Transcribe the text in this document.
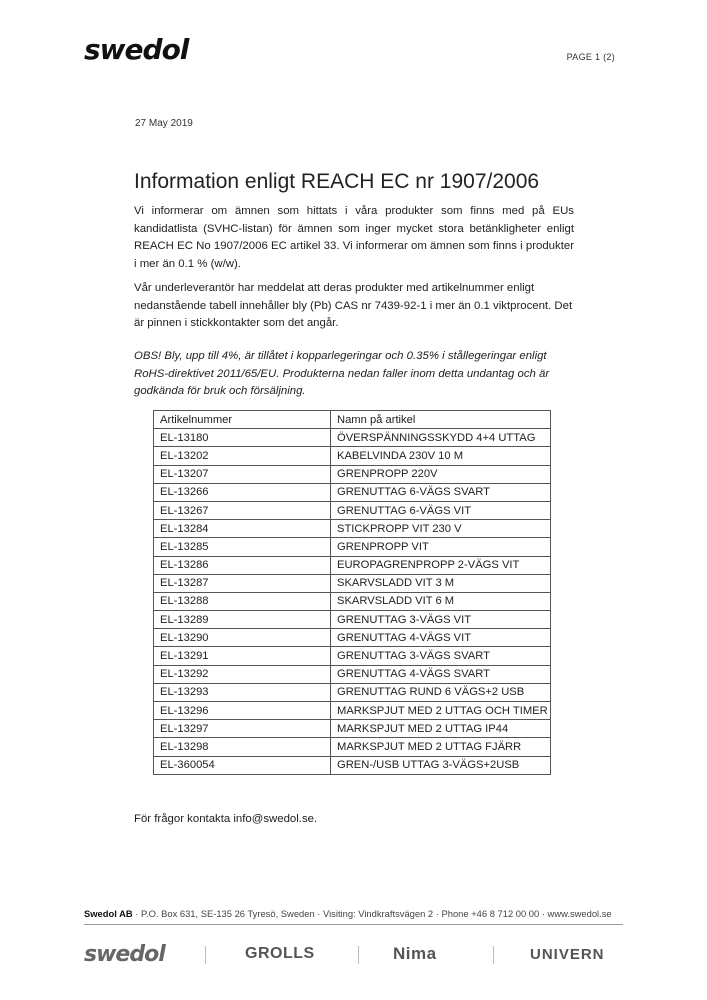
swedol	PAGE 1 (2)
27 May 2019
Information enligt REACH EC nr 1907/2006

Vi informerar om ämnen som hittats i våra produkter som finns med på EUs kandidatlista (SVHC-listan) för ämnen som inger mycket stora betänkligheter enligt REACH EC No 1907/2006 EC artikel 33. Vi informerar om ämnen som finns i produkter i mer än 0.1 % (w/w).

Vår underleverantör har meddelat att deras produkter med artikelnummer enligt nedanstående tabell innehåller bly (Pb) CAS nr 7439-92-1 i mer än 0.1 viktprocent. Det är pinnen i stickkontakter som det angår.

OBS! Bly, upp till 4%, är tillåtet i kopparlegeringar och 0.35% i stållegeringar enligt RoHS-direktivet 2011/65/EU. Produkterna nedan faller inom detta undantag och är godkända för bruk och försäljning.

Artikelnummer	Namn på artikel
EL-13180	ÖVERSPÄNNINGSSKYDD 4+4 UTTAG
EL-13202	KABELVINDA 230V 10 M
EL-13207	GRENPROPP 220V
EL-13266	GRENUTTAG 6-VÄGS SVART
EL-13267	GRENUTTAG 6-VÄGS VIT
EL-13284	STICKPROPP VIT 230 V
EL-13285	GRENPROPP VIT
EL-13286	EUROPAGRENPROPP 2-VÄGS VIT
EL-13287	SKARVSLADD VIT 3 M
EL-13288	SKARVSLADD VIT 6 M
EL-13289	GRENUTTAG 3-VÄGS VIT
EL-13290	GRENUTTAG 4-VÄGS VIT
EL-13291	GRENUTTAG 3-VÄGS SVART
EL-13292	GRENUTTAG 4-VÄGS SVART
EL-13293	GRENUTTAG RUND 6 VÄGS+2 USB
EL-13296	MARKSPJUT MED 2 UTTAG OCH TIMER
EL-13297	MARKSPJUT MED 2 UTTAG IP44
EL-13298	MARKSPJUT MED 2 UTTAG FJÄRR
EL-360054	GREN-/USB UTTAG 3-VÄGS+2USB
För frågor kontakta info@swedol.se.
Swedol AB · P.O. Box 631, SE-135 26 Tyresö, Sweden · Visiting: Vindkraftsvägen 2 · Phone +46 8 712 00 00 · www.swedol.se
swedol	GROLLS	Nima	UNIVERN
